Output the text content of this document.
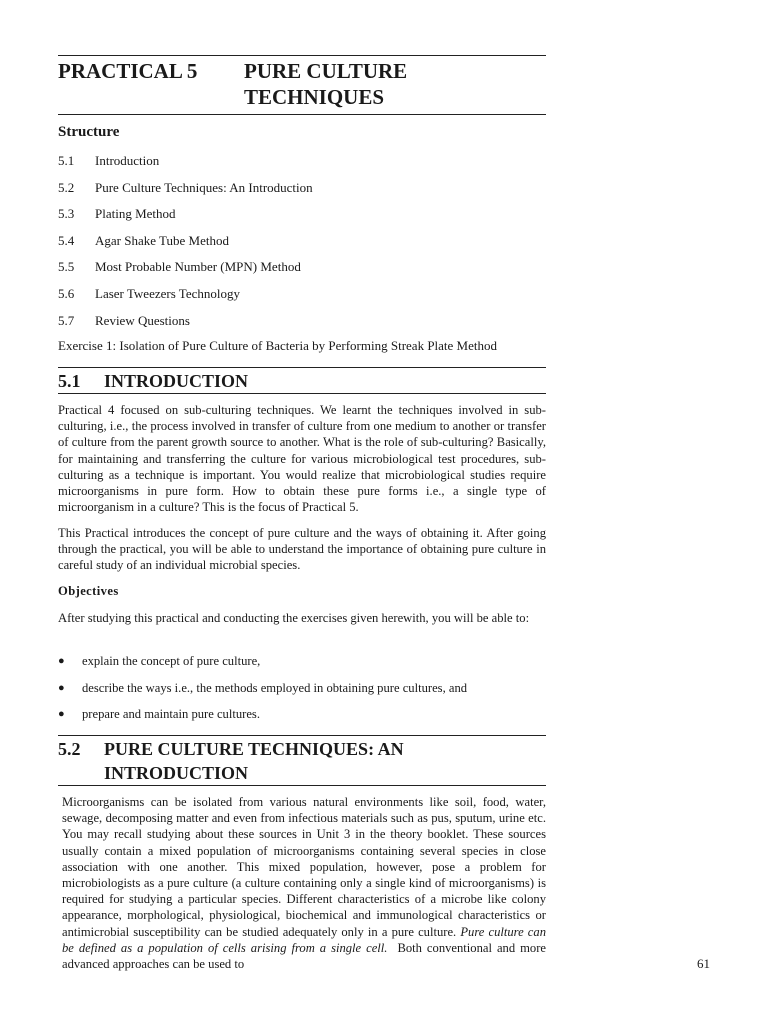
PRACTICAL 5	PURE CULTURE
TECHNIQUES
Structure
5.1	Introduction
5.2	Pure Culture Techniques: An Introduction
5.3	Plating Method
5.4	Agar Shake Tube Method
5.5	Most Probable Number (MPN) Method
5.6	Laser Tweezers Technology
5.7	Review Questions
Exercise 1: Isolation of Pure Culture of Bacteria by Performing Streak Plate Method
5.1 INTRODUCTION
Practical 4 focused on sub-culturing techniques. We learnt the techniques involved in sub-culturing, i.e., the process involved in transfer of culture from one medium to another or transfer of culture from the parent growth source to another. What is the role of sub-culturing? Basically, for maintaining and transferring the culture for various microbiological test procedures, sub-culturing as a technique is important. You would realize that microbiological studies require microorganisms in pure form. How to obtain these pure forms i.e., a single type of microorganism in a culture? This is the focus of Practical 5.
This Practical introduces the concept of pure culture and the ways of obtaining it. After going through the practical, you will be able to understand the importance of obtaining pure culture in careful study of an individual microbial species.
Objectives
After studying this practical and conducting the exercises given herewith, you will be able to:
●	explain the concept of pure culture,
●	describe the ways i.e., the methods employed in obtaining pure cultures, and
●	prepare and maintain pure cultures.
5.2 PURE CULTURE TECHNIQUES: AN
INTRODUCTION
Microorganisms can be isolated from various natural environments like soil, food, water, sewage, decomposing matter and even from infectious materials such as pus, sputum, urine etc. You may recall studying about these sources in Unit 3 in the theory booklet. These sources usually contain a mixed population of microorganisms containing several species in close association with one another. This mixed population, however, pose a problem for microbiologists as a pure culture (a culture containing only a single kind of microorganisms) is required for studying a particular species. Different characteristics of a microbe like colony appearance, morphological, physiological, biochemical and immunological characteristics or antimicrobial susceptibility can be studied adequately only in a pure culture. Pure culture can be defined as a population of cells arising from a single cell. Both conventional and more advanced approaches can be used to	61
